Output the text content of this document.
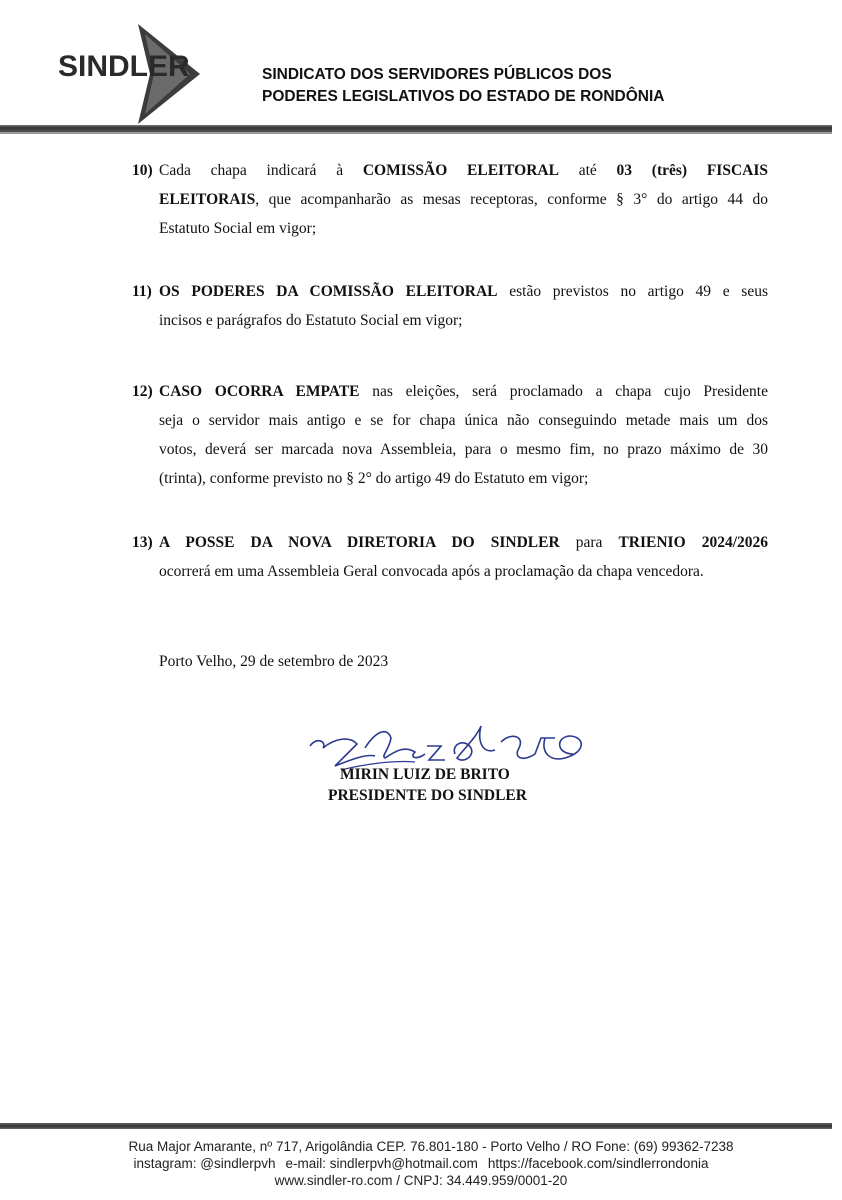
SINDLER	SINDICATO DOS SERVIDORES PÚBLICOS DOS
PODERES LEGISLATIVOS DO ESTADO DE RONDÔNIA
10) Cada chapa indicará à COMISSÃO ELEITORAL até 03 (três) FISCAIS
ELEITORAIS, que acompanharão as mesas receptoras, conforme § 3° do artigo 44 do
Estatuto Social em vigor;
11) OS PODERES DA COMISSÃO ELEITORAL estão previstos no artigo 49 e seus
incisos e parágrafos do Estatuto Social em vigor;
12) CASO OCORRA EMPATE nas eleições, será proclamado a chapa cujo Presidente
seja o servidor mais antigo e se for chapa única não conseguindo metade mais um dos
votos, deverá ser marcada nova Assembleia, para o mesmo fim, no prazo máximo de 30
(trinta), conforme previsto no § 2° do artigo 49 do Estatuto em vigor;
13) A POSSE DA NOVA DIRETORIA DO SINDLER para TRIENIO 2024/2026
ocorrerá em uma Assembleia Geral convocada após a proclamação da chapa vencedora.
Porto Velho, 29 de setembro de 2023
MIRIN LUIZ DE BRITO
PRESIDENTE DO SINDLER
Rua Major Amarante, nº 717, Arigolândia CEP. 76.801-180 - Porto Velho / RO Fone: (69) 99362-7238
instagram: @sindlerpvh e-mail: sindlerpvh@hotmail.com https://facebook.com/sindlerrondonia
www.sindler-ro.com / CNPJ: 34.449.959/0001-20
